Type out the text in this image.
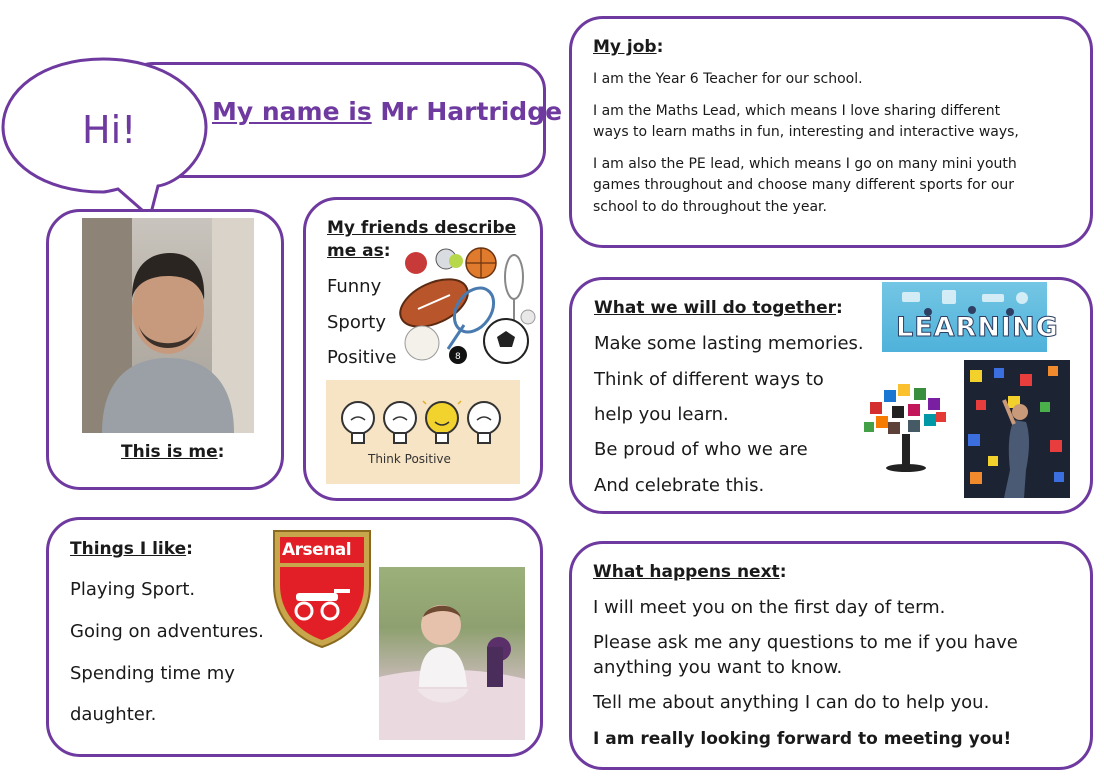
Hi!	My name is Mr Hartridge
This is me:
My friends describe
me as:
Funny
Sporty
Positive	8
Think Positive
Things I like:
Playing Sport.
Going on adventures.
Spending time my
daughter.
Arsenal
My job:
I am the Year 6 Teacher for our school.
I am the Maths Lead, which means I love sharing different
ways to learn maths in fun, interesting and interactive ways,
I am also the PE lead, which means I go on many mini youth
games throughout and choose many different sports for our
school to do throughout the year.
What we will do together:
Make some lasting memories.
Think of different ways to
help you learn.
Be proud of who we are
And celebrate this.
LEARNING
What happens next:
I will meet you on the first day of term.
Please ask me any questions to me if you have
anything you want to know.
Tell me about anything I can do to help you.
I am really looking forward to meeting you!
